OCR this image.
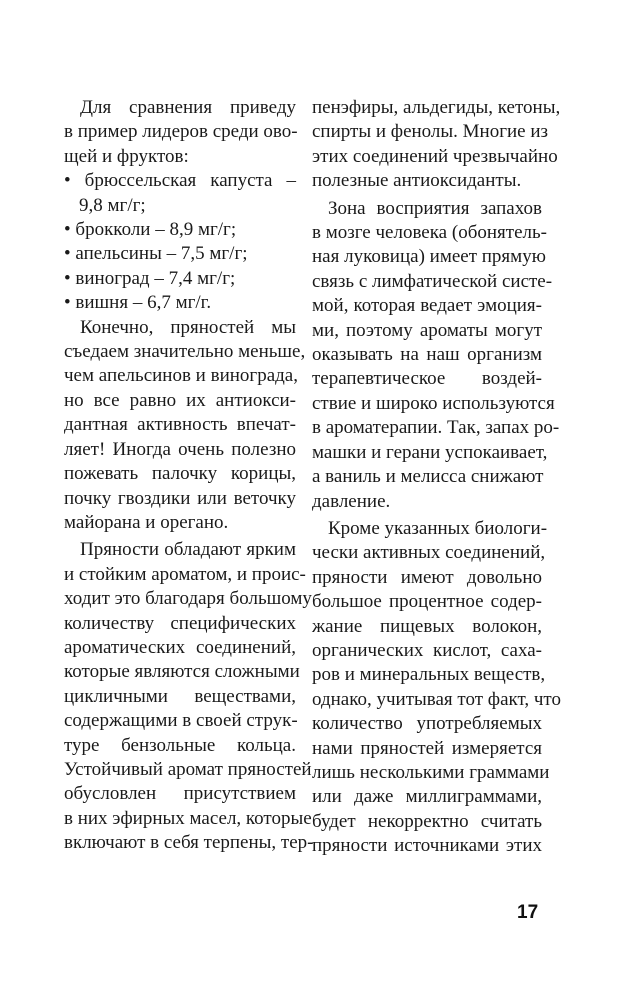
Для сравнения приведу
в пример лидеров среди ово-
щей и фруктов:
• брюссельская капуста –
9,8 мг/г;
• брокколи – 8,9 мг/г;
• апельсины – 7,5 мг/г;
• виноград – 7,4 мг/г;
• вишня – 6,7 мг/г.
Конечно, пряностей мы
съедаем значительно меньше,
чем апельсинов и винограда,
но все равно их антиокси-
дантная активность впечат-
ляет! Иногда очень полезно
пожевать палочку корицы,
почку гвоздики или веточку
майорана и орегано.
Пряности обладают ярким
и стойким ароматом, и проис-
ходит это благодаря большому
количеству специфических
ароматических соединений,
которые являются сложными
цикличными веществами,
содержащими в своей струк-
туре бензольные кольца.
Устойчивый аромат пряностей
обусловлен присутствием
в них эфирных масел, которые
включают в себя терпены, тер-
пенэфиры, альдегиды, кетоны,
спирты и фенолы. Многие из
этих соединений чрезвычайно
полезные антиоксиданты.
Зона восприятия запахов
в мозге человека (обонятель-
ная луковица) имеет прямую
связь с лимфатической систе-
мой, которая ведает эмоция-
ми, поэтому ароматы могут
оказывать на наш организм
терапевтическое воздей-
ствие и широко используются
в ароматерапии. Так, запах ро-
машки и герани успокаивает,
а ваниль и мелисса снижают
давление.
Кроме указанных биологи-
чески активных соединений,
пряности имеют довольно
большое процентное содер-
жание пищевых волокон,
органических кислот, саха-
ров и минеральных веществ,
однако, учитывая тот факт, что
количество употребляемых
нами пряностей измеряется
лишь несколькими граммами
или даже миллиграммами,
будет некорректно считать
пряности источниками этих
17
